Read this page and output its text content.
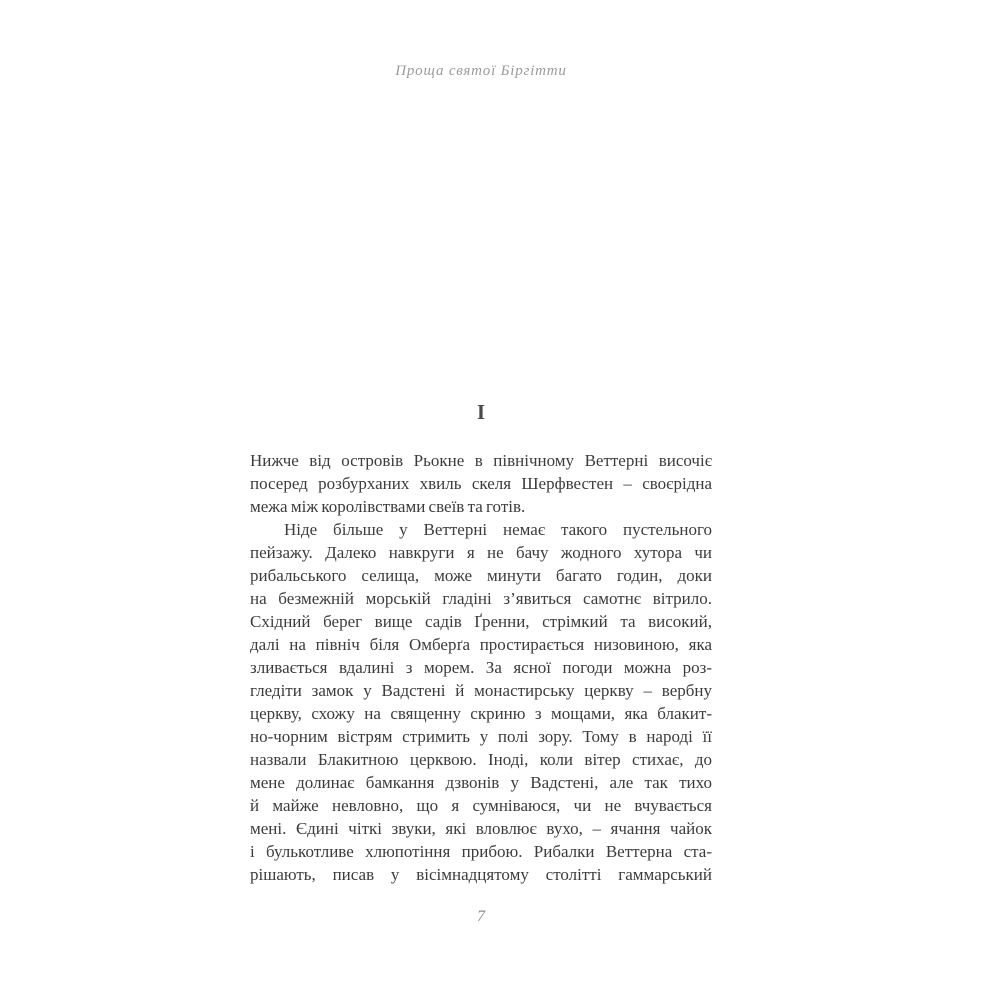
Проща святої Біргітти
I
Нижче від островів Рьокне в північному Веттерні височіє
посеред розбурханих хвиль скеля Шерфвестен – своєрідна
межа між королівствами свеїв та готів.
Ніде більше у Веттерні немає такого пустельного
пейзажу. Далеко навкруги я не бачу жодного хутора чи
рибальського селища, може минути багато годин, доки
на безмежній морській гладіні з’явиться самотнє вітрило.
Східний берег вище садів Ґренни, стрімкий та високий,
далі на північ біля Омберґа простирається низовиною, яка
зливається вдалині з морем. За ясної погоди можна роз-
гледіти замок у Вадстені й монастирську церкву – вербну
церкву, схожу на священну скриню з мощами, яка блакит-
но-чорним вістрям стримить у полі зору. Тому в народі її
назвали Блакитною церквою. Іноді, коли вітер стихає, до
мене долинає бамкання дзвонів у Вадстені, але так тихо
й майже невловно, що я сумніваюся, чи не вчувається
мені. Єдині чіткі звуки, які вловлює вухо, – ячання чайок
і булькотливе хлюпотіння прибою. Рибалки Веттерна ста-
рішають, писав у вісімнадцятому столітті гаммарський
7
